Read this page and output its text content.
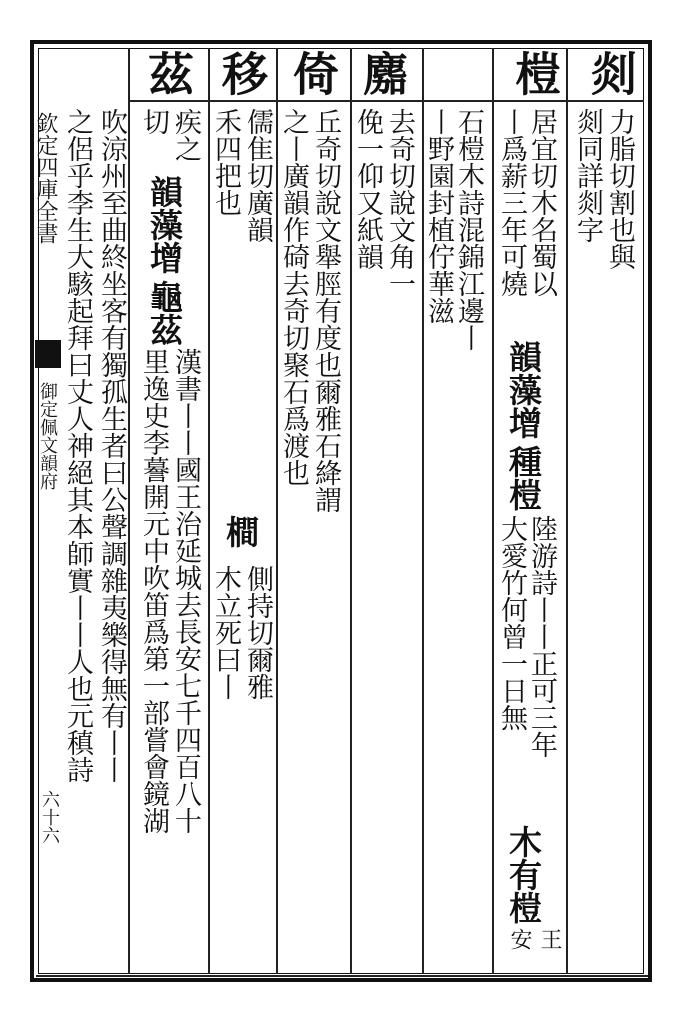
欽定四庫全書
御定佩文韻府
六十六
剡
力脂切割也與
剡同詳剡字
榿
居宜切木名蜀以
丨爲薪三年可燒
韻藻增
種榿
陸游詩丨丨正可三年
大愛竹何曾一日無
木有榿
王
安
石榿木詩混錦江邊丨
丨野園封植佇華滋
䴥
去奇切說文角一
俛一仰又紙韻
倚
丘奇切說文舉脛有度也爾雅石絳謂
之丨廣韻作碕去奇切聚石爲渡也
移
儒隹切廣韻
禾四把也
橺
側持切爾雅
木立死曰丨
茲
疾之
切
韻藻增
龜茲
漢書丨丨國王治延城去長安七千四百八十
里逸史李謩開元中吹笛爲第一部嘗會鏡湖
吹涼州至曲終坐客有獨孤生者曰公聲調雜夷樂得無有丨丨
之侶乎李生大駭起拜曰丈人神絕其本師實丨丨人也元稹詩
